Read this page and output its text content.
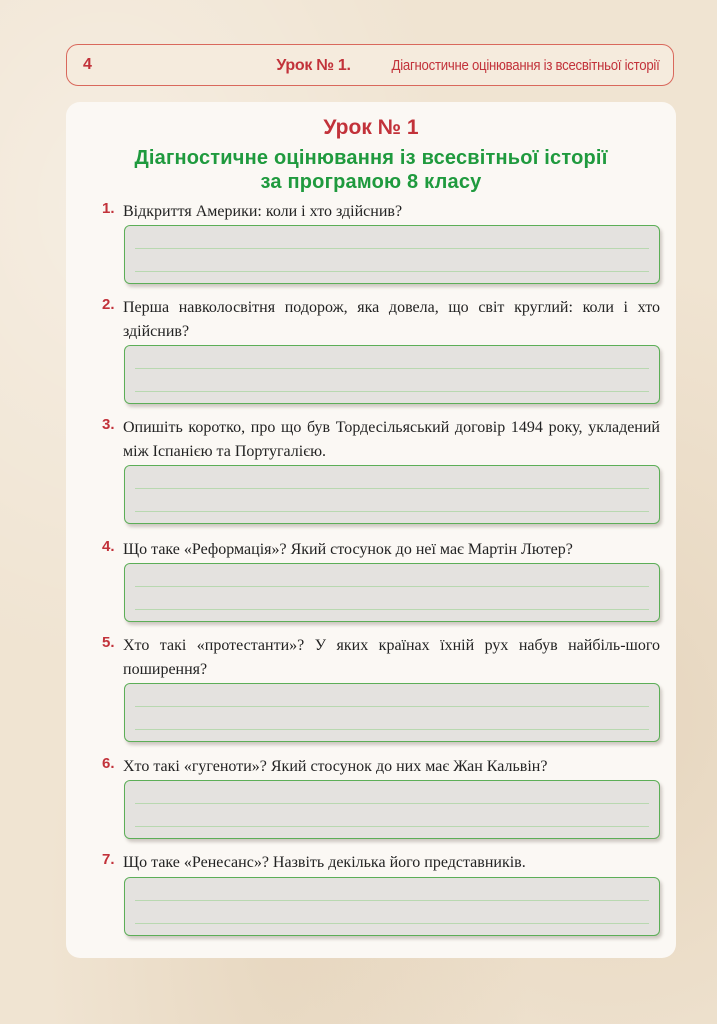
4	Урок № 1.	Діагностичне оцінювання із всесвітньої історії
Урок № 1
Діагностичне оцінювання із всесвітньої історії
за програмою 8 класу
1. Відкриття Америки: коли і хто здійснив?
2. Перша навколосвітня подорож, яка довела, що світ круглий: коли і хто здійснив?
3. Опишіть коротко, про що був Тордесільяський договір 1494 року, укладений між Іспанією та Португалією.
4. Що таке «Реформація»? Який стосунок до неї має Мартін Лютер?
5. Хто такі «протестанти»? У яких країнах їхній рух набув найбіль-шого поширення?
6. Хто такі «гугеноти»? Який стосунок до них має Жан Кальвін?
7. Що таке «Ренесанс»? Назвіть декілька його представників.
